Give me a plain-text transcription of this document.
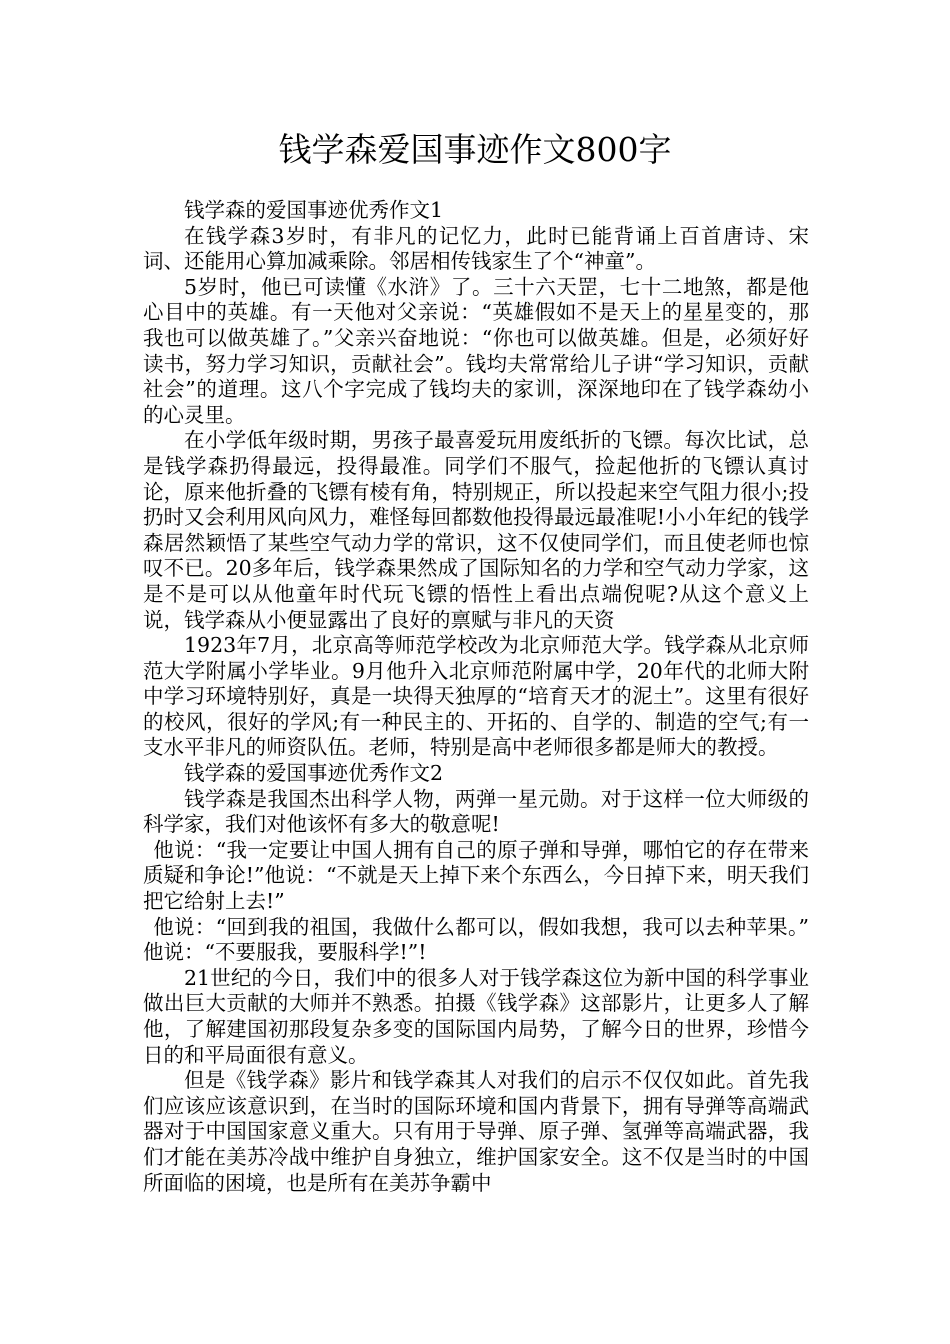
钱学森爱国事迹作文800字

钱学森的爱国事迹优秀作文1

在钱学森3岁时，有非凡的记忆力，此时已能背诵上百首唐诗、宋词、还能用心算加减乘除。邻居相传钱家生了个“神童”。

5岁时，他已可读懂《水浒》了。三十六天罡，七十二地煞，都是他心目中的英雄。有一天他对父亲说：“英雄假如不是天上的星星变的，那我也可以做英雄了。”父亲兴奋地说：“你也可以做英雄。但是，必须好好读书，努力学习知识，贡献社会”。钱均夫常常给儿子讲“学习知识，贡献社会”的道理。这八个字完成了钱均夫的家训，深深地印在了钱学森幼小的心灵里。

在小学低年级时期，男孩子最喜爱玩用废纸折的飞镖。每次比试，总是钱学森扔得最远，投得最准。同学们不服气，捡起他折的飞镖认真讨论，原来他折叠的飞镖有棱有角，特别规正，所以投起来空气阻力很小;投扔时又会利用风向风力，难怪每回都数他投得最远最准呢!小小年纪的钱学森居然颖悟了某些空气动力学的常识，这不仅使同学们，而且使老师也惊叹不已。20多年后，钱学森果然成了国际知名的力学和空气动力学家，这是不是可以从他童年时代玩飞镖的悟性上看出点端倪呢?从这个意义上说，钱学森从小便显露出了良好的禀赋与非凡的天资

1923年7月，北京高等师范学校改为北京师范大学。钱学森从北京师范大学附属小学毕业。9月他升入北京师范附属中学，20年代的北师大附中学习环境特别好，真是一块得天独厚的“培育天才的泥土”。这里有很好的校风，很好的学风;有一种民主的、开拓的、自学的、制造的空气;有一支水平非凡的师资队伍。老师，特别是高中老师很多都是师大的教授。

钱学森的爱国事迹优秀作文2

钱学森是我国杰出科学人物，两弹一星元勋。对于这样一位大师级的科学家，我们对他该怀有多大的敬意呢!

他说：“我一定要让中国人拥有自己的原子弹和导弹，哪怕它的存在带来质疑和争论!”他说：“不就是天上掉下来个东西么，今日掉下来，明天我们把它给射上去!”

他说：“回到我的祖国，我做什么都可以，假如我想，我可以去种苹果。” 他说：“不要服我，要服科学!”!

21世纪的今日，我们中的很多人对于钱学森这位为新中国的科学事业做出巨大贡献的大师并不熟悉。拍摄《钱学森》这部影片，让更多人了解他，了解建国初那段复杂多变的国际国内局势，了解今日的世界，珍惜今日的和平局面很有意义。

但是《钱学森》影片和钱学森其人对我们的启示不仅仅如此。首先我们应该应该意识到，在当时的国际环境和国内背景下，拥有导弹等高端武器对于中国国家意义重大。只有用于导弹、原子弹、氢弹等高端武器，我们才能在美苏冷战中维护自身独立，维护国家安全。这不仅是当时的中国所面临的困境，也是所有在美苏争霸中
